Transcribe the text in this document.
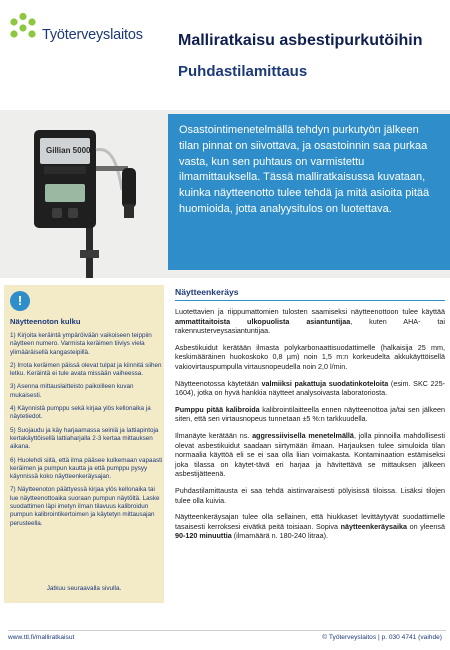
Työterveyslaitos Malliratkaisu asbestipurkutöihin
Puhdastilamittaus
Gillian 5000

Osastointimenetelmällä tehdyn purkutyön jälkeen tilan pinnat on siivottava, ja osastoinnin saa purkaa vasta, kun sen puhtaus on varmistettu ilmamittauksella. Tässä malliratkaisussa kuvataan, kuinka näytteenotto tulee tehdä ja mitä asioita pitää huomioida, jotta analyysitulos on luotettava.

!
Näytteenoton kulku
1) Kirjoita keräintä ympäröivään vaikoiseen teippiin näytteen numero. Varmista keräimen tiiviys viela ylimääräisellä kangasteipillä.
2) Irrota keräimen päissä olevat tulpat ja kiinnitä siihen letku. Keräintä ei tule avata missään vaiheessa.
3) Asenna mittauslaitteisto paikoilleen kuvan mukaisesti.
4) Käynnistä pumppu sekä kirjaa ylös kellonaika ja näytetiedot.
5) Suojaudu ja käy harjaamassa seiniä ja lattiapintoja kertakäyttöisellä lattiaharjalla 2-3 kertaa mittauksen aikana.
6) Huolehdi siitä, että ilma pääsee kulkemaan vapaasti keräimen ja pumpun kautta ja että pumppu pysyy käynnissä koko näytteenkeräysajan.
7) Näytteenoton päättyessä kirjaa ylös kellonaika tai lue näytteenottoaika suoraan pumpun näytöltä. Laske suodattimen läpi imetyn ilman tilavuus kalibroidun pumpun kalibrointikertoimen ja käytetyn mittausajan perusteella.
Jatkuu seuraavalla sivulla.
Näytteenkeräys

Luotettavien ja riippumattomien tulosten saamiseksi näytteenottoon tulee käyttää ammattitaitoista ulkopuolista asiantuntijaa, kuten AHA- tai rakennusterveysasiantuntijaa.

Asbestikuidut kerätään ilmasta polykarbonaattisuodattimelle (halkaisija 25 mm, keskimääräinen huokoskoko 0,8 µm) noin 1,5 m:n korkeudelta akkukäyttöisellä vakiovirtauspumpulla virtausnopeudella noin 2,0 l/min.

Näytteenotossa käytetään valmiiksi pakattuja suodatinkoteloita (esim. SKC 225-1604), jotka on hyvä hankkia näytteet analysoivasta laboratoriosta.

Pumppu pitää kalibroida kalibrointilaitteella ennen näytteenottoa ja/tai sen jälkeen siten, että sen virtausnopeus tunnetaan ±5 %:n tarkkuudella.

Ilmanäyte kerätään ns. aggressiivisella menetelmällä, jolla pinnoilla mahdollisesti olevat asbestikuidut saadaan siirtymään ilmaan. Harjauksen tulee simuloida tilan normaalia käyttöä eli se ei saa olla liian voimakasta. Kontaminaation estämiseksi joka tilassa on käytet-tävä eri harjaa ja hävitettävä se mittauksen jälkeen asbestijätteenä.

Puhdastilamittausta ei saa tehdä aistinvaraisesti pölyisissä tiloissa. Lisäksi tilojen tulee olla kuivia.

Näytteenkeräysajan tulee olla sellainen, että hiukkaset levittäytyvät suodattimelle tasaisesti kerroksesi eivätkä peitä toisiaan. Sopiva näytteenkeräysaika on yleensä 90-120 minuuttia (ilmamäärä n. 180-240 litraa).

www.ttl.fi/malliratkaisut	© Työterveyslaitos | p. 030 4741 (vaihde)
